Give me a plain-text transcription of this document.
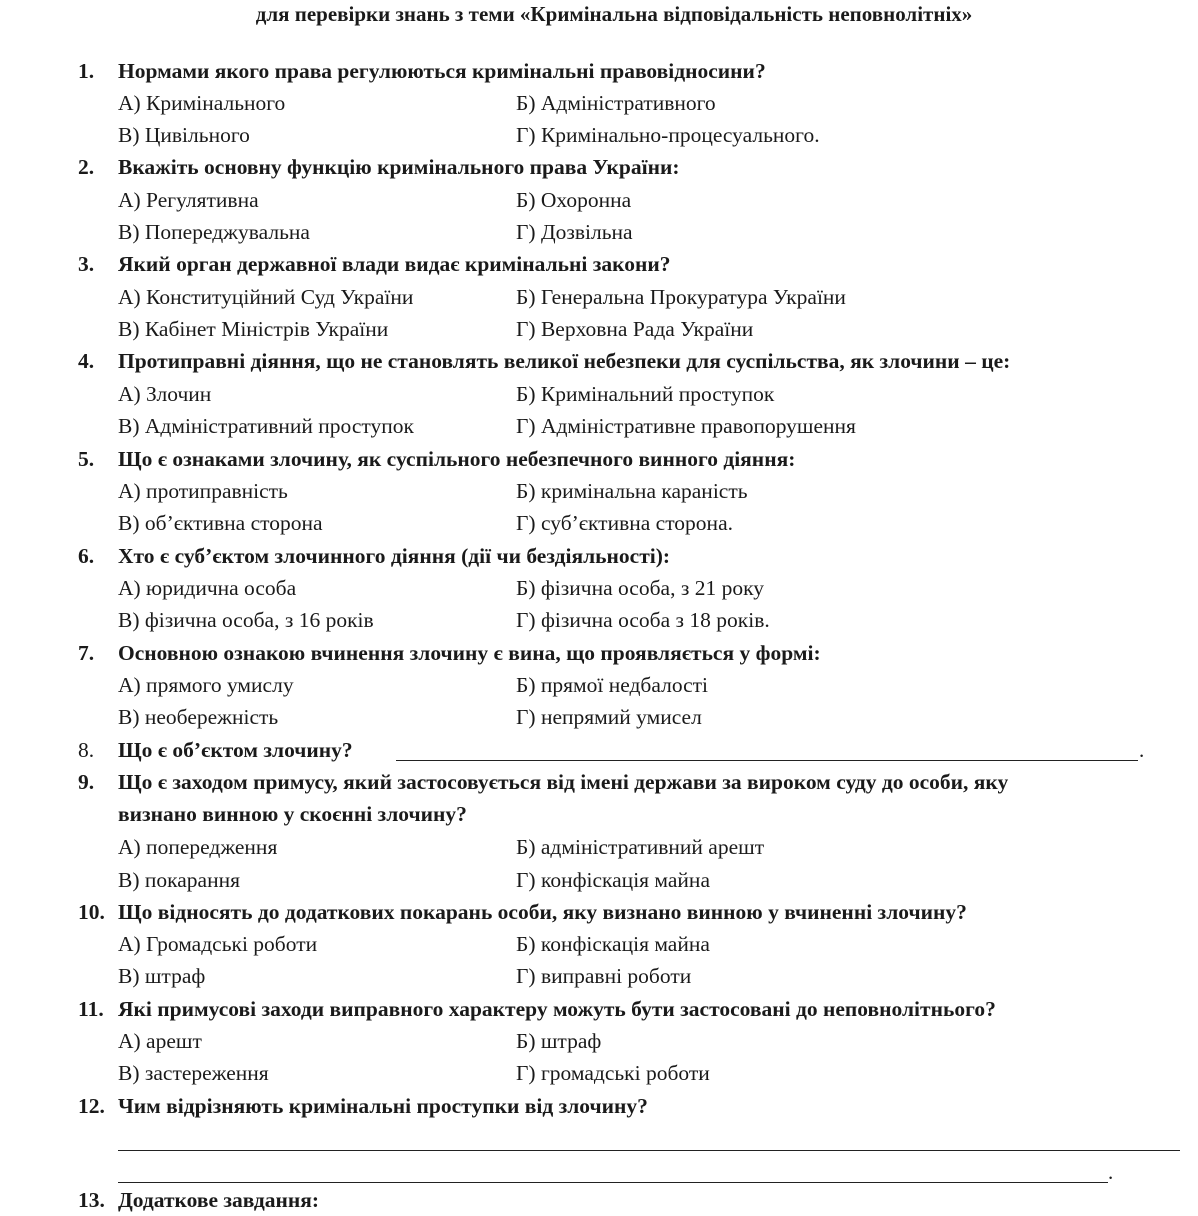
для перевірки знань з теми «Кримінальна відповідальність неповнолітніх»
1. Нормами якого права регулюються кримінальні правовідносини?
А) Кримінального	Б) Адміністративного
В) Цивільного	Г) Кримінально-процесуального.
2. Вкажіть основну функцію кримінального права України:
А) Регулятивна	Б) Охоронна
В) Попереджувальна	Г) Дозвільна
3. Який орган державної влади видає кримінальні закони?
А) Конституційний Суд України	Б) Генеральна Прокуратура України
В) Кабінет Міністрів України	Г) Верховна Рада України
4. Протиправні діяння, що не становлять великої небезпеки для суспільства, як злочини – це:
А) Злочин	Б) Кримінальний проступок
В) Адміністративний проступок	Г) Адміністративне правопорушення
5. Що є ознаками злочину, як суспільного небезпечного винного діяння:
А) протиправність	Б) кримінальна караність
В) об’єктивна сторона	Г) суб’єктивна сторона.
6. Хто є суб’єктом злочинного діяння (дії чи бездіяльності):
А) юридична особа	Б) фізична особа, з 21 року
В) фізична особа, з 16 років	Г) фізична особа з 18 років.
7. Основною ознакою вчинення злочину є вина, що проявляється у формі:
А) прямого умислу	Б) прямої недбалості
В) необережність	Г) непрямий умисел
8. Що є об’єктом злочину?	.
9. Що є заходом примусу, який застосовується від імені держави за вироком суду до особи, яку
визнано винною у скоєнні злочину?
А) попередження	Б) адміністративний арешт
В) покарання	Г) конфіскація майна
10. Що відносять до додаткових покарань особи, яку визнано винною у вчиненні злочину?
А) Громадські роботи	Б) конфіскація майна
В) штраф	Г) виправні роботи
11. Які примусові заходи виправного характеру можуть бути застосовані до неповнолітнього?
А) арешт	Б) штраф
В) застереження	Г) громадські роботи
12. Чим відрізняють кримінальні проступки від злочину?
.
13. Додаткове завдання:
